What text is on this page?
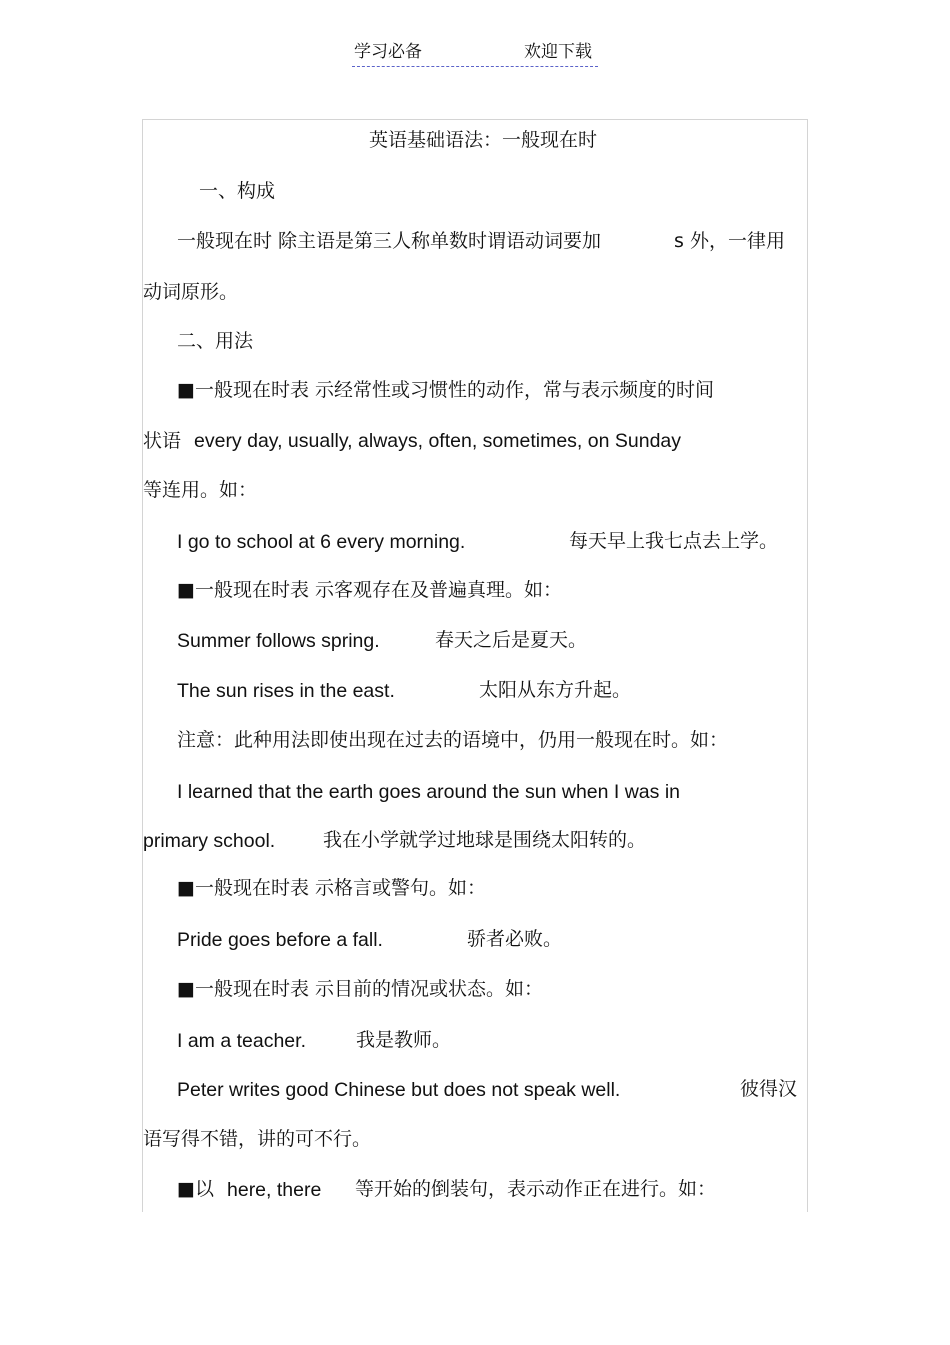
学习必备	欢迎下载
英语基础语法：一般现在时
一、构成
一般现在时 除主语是第三人称单数时谓语动词要加	s 外，一律用
动词原形。
二、用法
■一般现在时表 示经常性或习惯性的动作，常与表示频度的时间
状语 every day, usually, always, often, sometimes, on Sunday
等连用。如：
I go to school at 6 every morning.	每天早上我七点去上学。
■一般现在时表 示客观存在及普遍真理。如：
Summer follows spring.	春天之后是夏天。
The sun rises in the east.	太阳从东方升起。
注意：此种用法即使出现在过去的语境中，仍用一般现在时。如：
I learned that the earth goes around the sun when I was in
primary school.	我在小学就学过地球是围绕太阳转的。
■一般现在时表 示格言或警句。如：
Pride goes before a fall.	骄者必败。
■一般现在时表 示目前的情况或状态。如：
I am a teacher.	我是教师。
Peter writes good Chinese but does not speak well.	彼得汉
语写得不错，讲的可不行。
■以 here, there 等开始的倒装句，表示动作正在进行。如：
